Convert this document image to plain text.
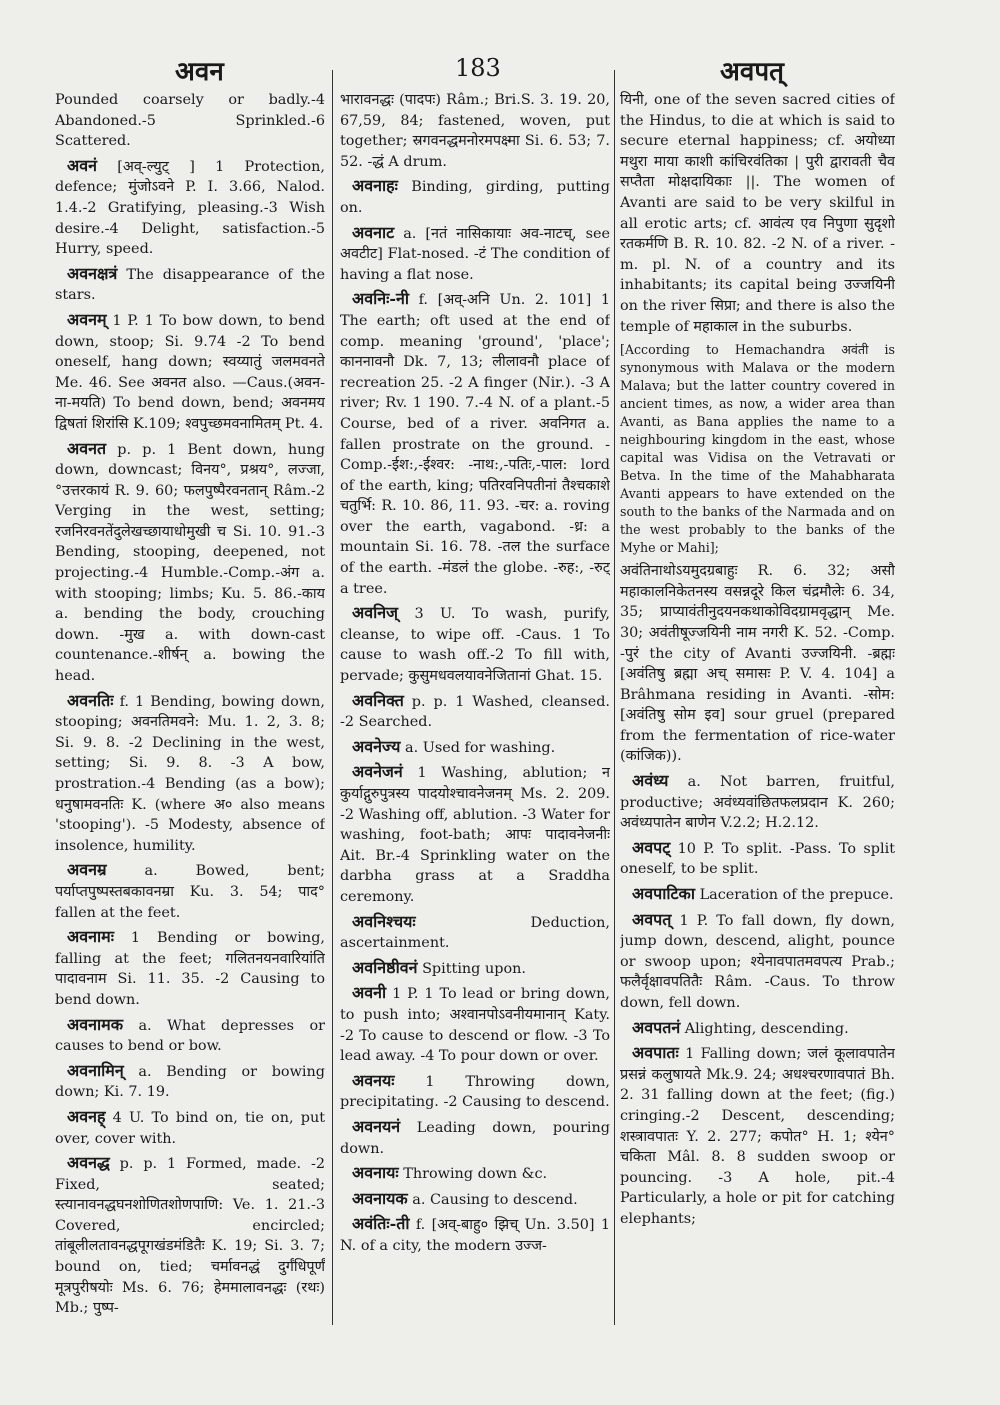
अवन	183	अवपत्

Pounded coarsely or badly.-4 Abandoned.-5 Sprinkled.-6 Scattered.

अवनं [अव्-ल्युट् ] 1 Protection, defence; मुंजोऽवने P. I. 3.66, Nalod. 1.4.-2 Gratifying, pleasing.-3 Wish desire.-4 Delight, satisfaction.-5 Hurry, speed.

अवनक्षत्रं The disappearance of the stars.

अवनम् 1 P. 1 To bow down, to bend down, stoop; Si. 9.74 -2 To bend oneself, hang down; स्वय्यातुं जलमवनते Me. 46. See अवनत also. —Caus.(अवन-ना-मयति) To bend down, bend; अवनमय द्विषतां शिरांसि K.109; श्वपुच्छमवनामितम् Pt. 4.

अवनत p. p. 1 Bent down, hung down, downcast; विनय°, प्रश्रय°, लज्जा, °उत्तरकायं R. 9. 60; फलपुष्पैरवनतान् Râm.-2 Verging in the west, setting; रजनिरवनतेंदुलेखच्छायाधोमुखी च Si. 10. 91.-3 Bending, stooping, deepened, not projecting.-4 Humble.-Comp.-अंग a. with stooping; limbs; Ku. 5. 86.-काय a. bending the body, crouching down. -मुख a. with down-cast countenance.-शीर्षन् a. bowing the head.

अवनतिः f. 1 Bending, bowing down, stooping; अवनतिमवने: Mu. 1. 2, 3. 8; Si. 9. 8. -2 Declining in the west, setting; Si. 9. 8. -3 A bow, prostration.-4 Bending (as a bow); धनुषामवनतिः K. (where अ० also means 'stooping'). -5 Modesty, absence of insolence, humility.

अवनम्र a. Bowed, bent; पर्याप्तपुष्पस्तबकावनम्रा Ku. 3. 54; पाद° fallen at the feet.

अवनामः 1 Bending or bowing, falling at the feet; गलितनयनवारियांति पादावनाम Si. 11. 35. -2 Causing to bend down.

अवनामक a. What depresses or causes to bend or bow.

अवनामिन् a. Bending or bowing down; Ki. 7. 19.

अवनह् 4 U. To bind on, tie on, put over, cover with.

अवनद्ध p. p. 1 Formed, made. -2 Fixed, seated; स्त्यानावनद्धघनशोणितशोणपाणि: Ve. 1. 21.-3 Covered, encircled; तांबूलीलतावनद्धपूगखंडमंडितैः K. 19; Si. 3. 7; bound on, tied; चर्मावनद्धं दुर्गंधिपूर्णं मूत्रपुरीषयोः Ms. 6. 76; हेममालावनद्धः (रथः) Mb.; पुष्प-

भारावनद्धः (पादपः) Râm.; Bri.S. 3. 19. 20, 67,59, 84; fastened, woven, put together; स्रगवनद्धमनोरमपक्ष्मा Si. 6. 53; 7. 52. -द्धं A drum.

अवनाहः Binding, girding, putting on.

अवनाट a. [नतं नासिकायाः अव-नाटच्, see अवटीट] Flat-nosed. -टं The condition of having a flat nose.

अवनिः-नी f. [अव्-अनि Un. 2. 101] 1 The earth; oft used at the end of comp. meaning 'ground', 'place'; काननावनौ Dk. 7, 13; लीलावनौ place of recreation 25. -2 A finger (Nir.). -3 A river; Rv. 1 190. 7.-4 N. of a plant.-5 Course, bed of a river. अवनिगत a. fallen prostrate on the ground. -Comp.-ईश:,-ईश्वर: -नाथ:,-पतिः,-पाल: lord of the earth, king; पतिरवनिपतीनां तैश्चकाशे चतुर्भि: R. 10. 86, 11. 93. -चर: a. roving over the earth, vagabond. -ध्र: a mountain Si. 16. 78. -तल the surface of the earth. -मंडलं the globe. -रुह:, -रुट् a tree.

अवनिज् 3 U. To wash, purify, cleanse, to wipe off. -Caus. 1 To cause to wash off.-2 To fill with, pervade; कुसुमधवलयावनेजितानां Ghat. 15.

अवनिक्त p. p. 1 Washed, cleansed. -2 Searched.

अवनेज्य a. Used for washing.

अवनेजनं 1 Washing, ablution; न कुर्याद्गुरुपुत्रस्य पादयोश्चावनेजनम् Ms. 2. 209. -2 Washing off, ablution. -3 Water for washing, foot-bath; आपः पादावनेजनीः Ait. Br.-4 Sprinkling water on the darbha grass at a Sraddha ceremony.

अवनिश्चयः Deduction, ascertainment.

अवनिष्ठीवनं Spitting upon.

अवनी 1 P. 1 To lead or bring down, to push into; अश्वानपोऽवनीयमानान् Katy. -2 To cause to descend or flow. -3 To lead away. -4 To pour down or over.

अवनयः 1 Throwing down, precipitating. -2 Causing to descend.

अवनयनं Leading down, pouring down.

अवनायः Throwing down &c.

अवनायक a. Causing to descend.

अवंतिः-ती f. [अव्-बाहु० झिच् Un. 3.50] 1 N. of a city, the modern उज्ज-

यिनी, one of the seven sacred cities of the Hindus, to die at which is said to secure eternal happiness; cf. अयोध्या मथुरा माया काशी कांचिरवंतिका | पुरी द्वारावती चैव सप्तैता मोक्षदायिकाः ||. The women of Avanti are said to be very skilful in all erotic arts; cf. आवंत्य एव निपुणा सुदृशो रतकर्मणि B. R. 10. 82. -2 N. of a river. -m. pl. N. of a country and its inhabitants; its capital being उज्जयिनी on the river सिप्रा; and there is also the temple of महाकाल in the suburbs.

[According to Hemachandra अवंती is synonymous with Malava or the modern Malava; but the latter country covered in ancient times, as now, a wider area than Avanti, as Bana applies the name to a neighbouring kingdom in the east, whose capital was Vidisa on the Vetravati or Betva. In the time of the Mahabharata Avanti appears to have extended on the south to the banks of the Narmada and on the west probably to the banks of the Myhe or Mahi];

अवंतिनाथोऽयमुदग्रबाहुः R. 6. 32; असौ महाकालनिकेतनस्य वसन्नदूरे किल चंद्रमौलेः 6. 34, 35; प्राप्यावंतीनुदयनकथाकोविदग्रामवृद्धान् Me. 30; अवंतीषूज्जयिनी नाम नगरी K. 52. -Comp. -पुरं the city of Avanti उज्जयिनी. -ब्रह्मः [अवंतिषु ब्रह्मा अच् समासः P. V. 4. 104] a Brâhmana residing in Avanti. -सोम: [अवंतिषु सोम इव] sour gruel (prepared from the fermentation of rice-water (कांजिक)).

अवंध्य a. Not barren, fruitful, productive; अवंध्यवांछितफलप्रदान K. 260; अवंध्यपातेन बाणेन V.2.2; H.2.12.

अवपट् 10 P. To split. -Pass. To split oneself, to be split.

अवपाटिका Laceration of the prepuce.

अवपत् 1 P. To fall down, fly down, jump down, descend, alight, pounce or swoop upon; श्येनावपातमवपत्य Prab.; फलैर्वृक्षावपतितैः Râm. -Caus. To throw down, fell down.

अवपतनं Alighting, descending.

अवपातः 1 Falling down; जलं कूलावपातेन प्रसन्नं कलुषायते Mk.9. 24; अधश्चरणावपातं Bh. 2. 31 falling down at the feet; (fig.) cringing.-2 Descent, descending; शस्त्रावपातः Y. 2. 277; कपोत° H. 1; श्येन° चकिता Mâl. 8. 8 sudden swoop or pouncing. -3 A hole, pit.-4 Particularly, a hole or pit for catching elephants;
